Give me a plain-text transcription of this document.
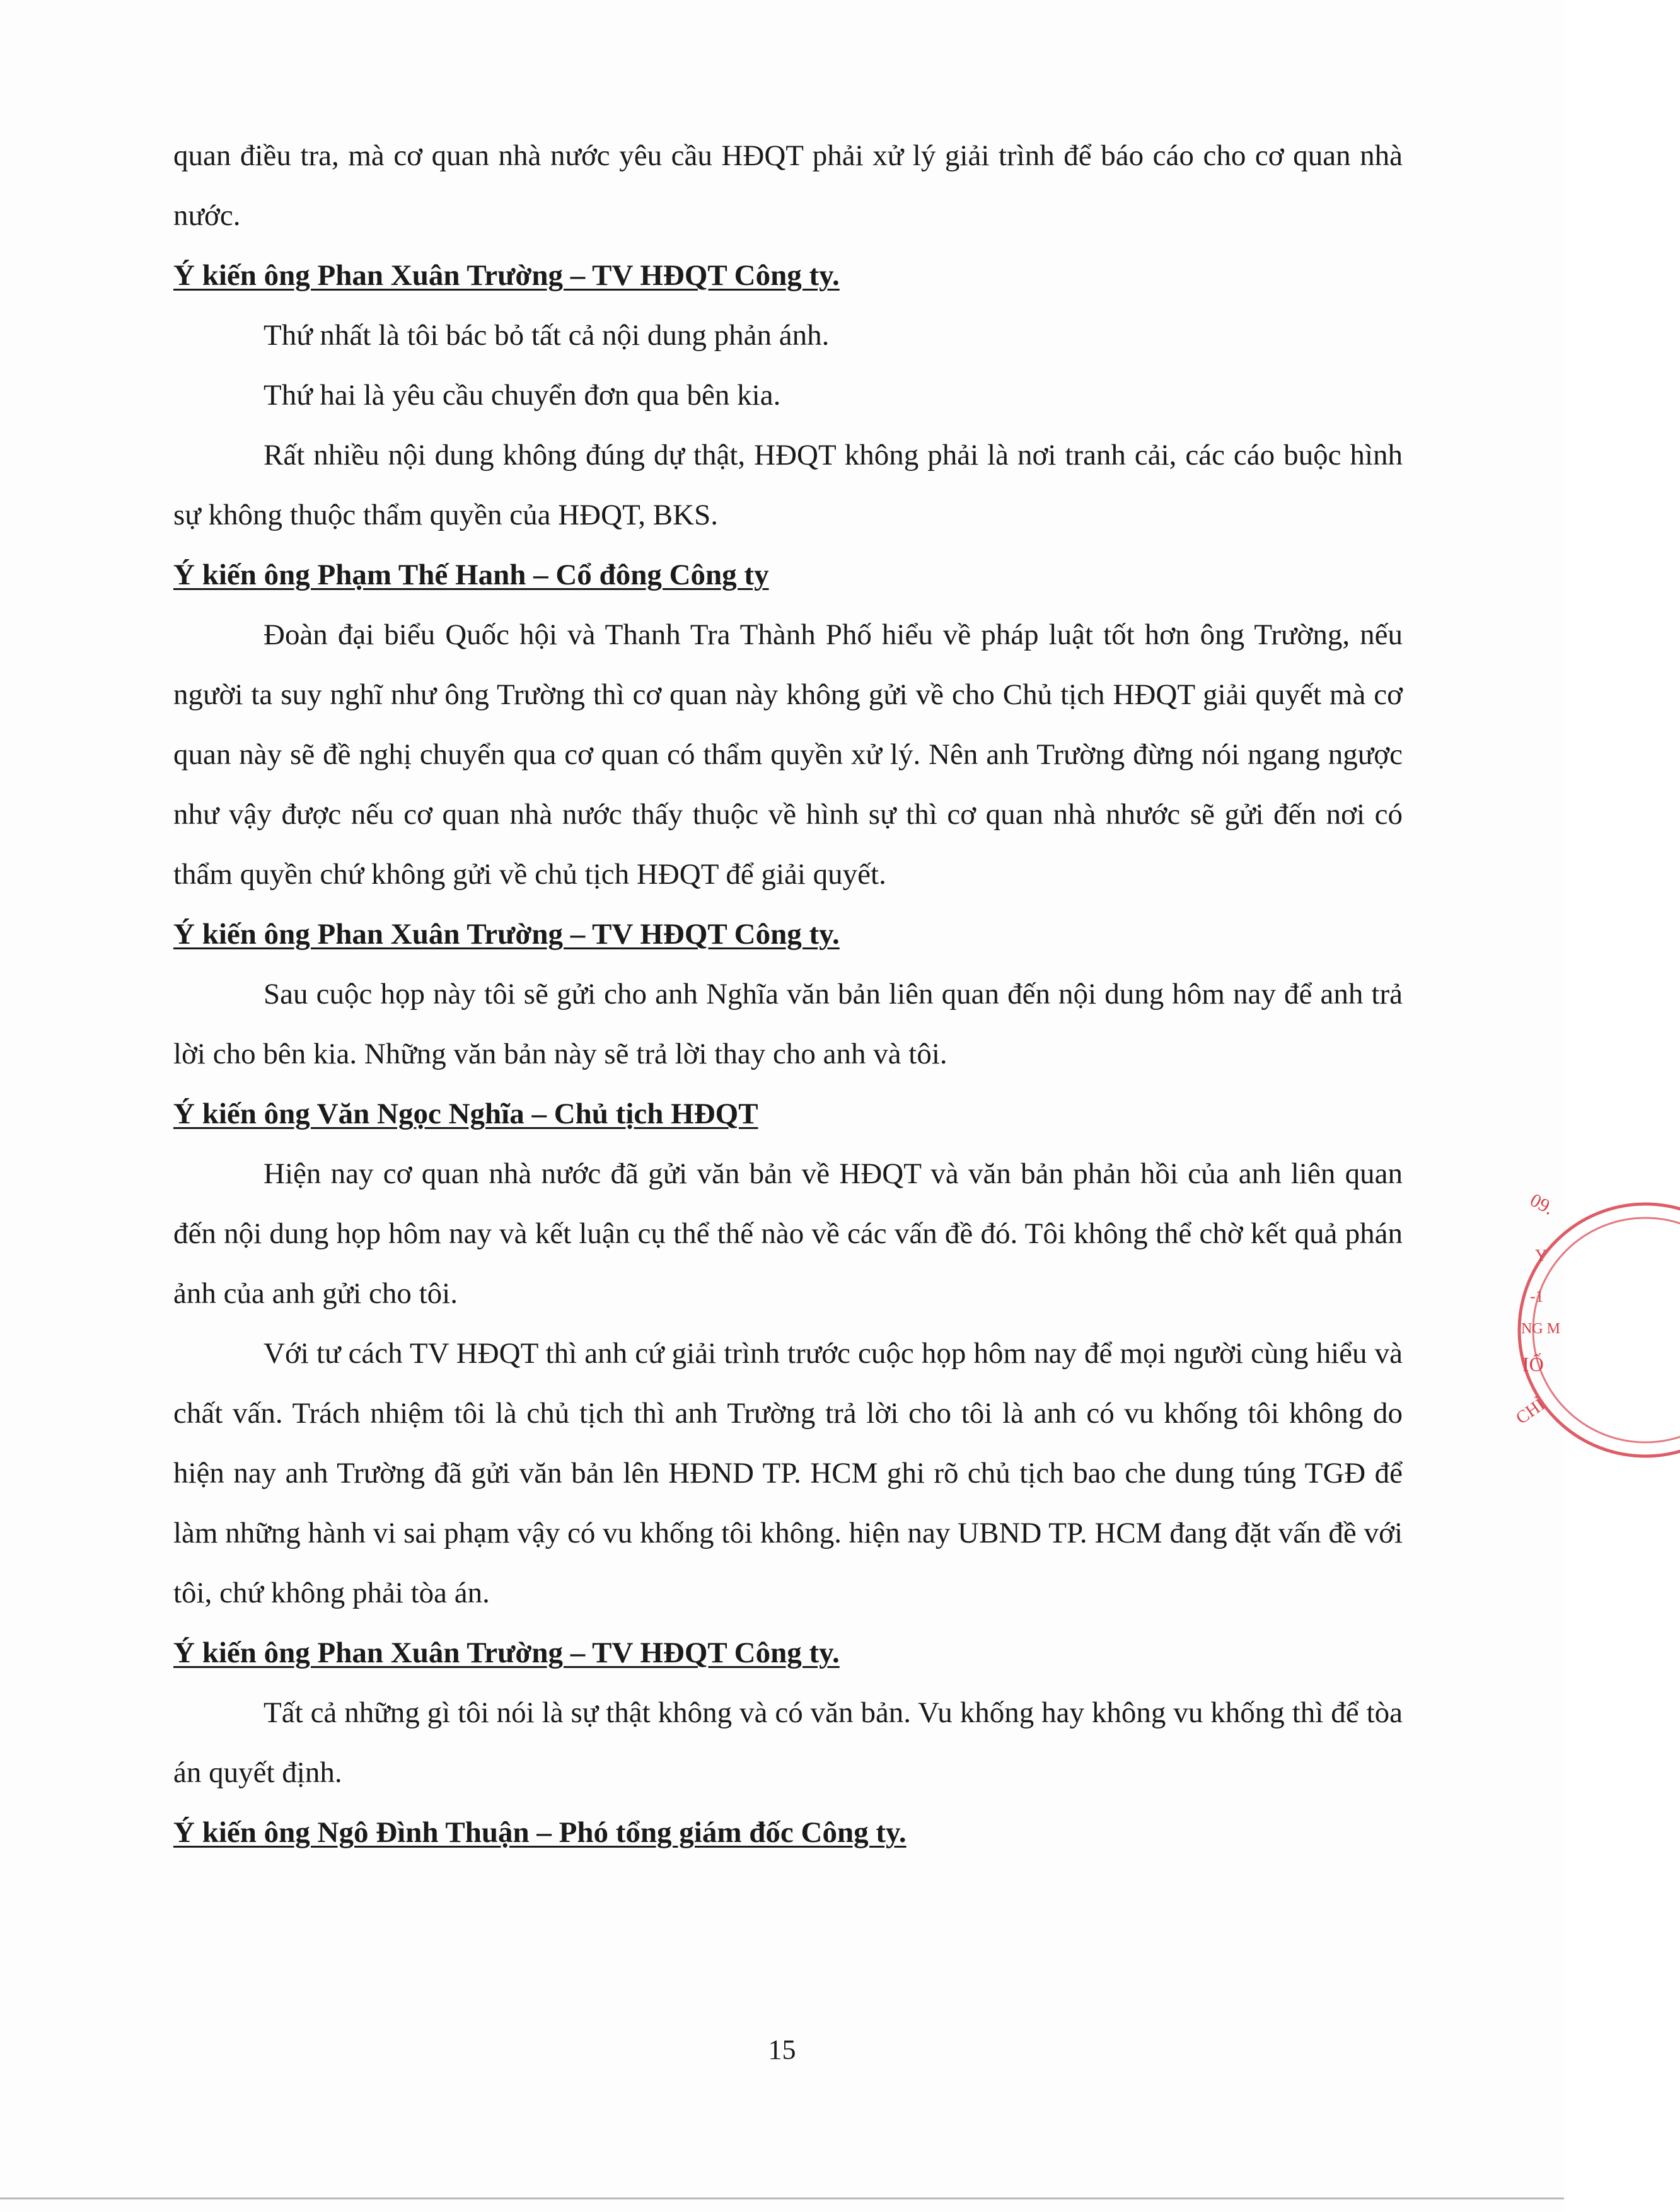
quan điều tra, mà cơ quan nhà nước yêu cầu HĐQT phải xử lý giải trình để báo cáo cho cơ quan nhà nước.

Ý kiến ông Phan Xuân Trường – TV HĐQT Công ty.

Thứ nhất là tôi bác bỏ tất cả nội dung phản ánh.

Thứ hai là yêu cầu chuyển đơn qua bên kia.

Rất nhiều nội dung không đúng dự thật, HĐQT không phải là nơi tranh cải, các cáo buộc hình sự không thuộc thẩm quyền của HĐQT, BKS.

Ý kiến ông Phạm Thế Hanh – Cổ đông Công ty

Đoàn đại biểu Quốc hội và Thanh Tra Thành Phố hiểu về pháp luật tốt hơn ông Trường, nếu người ta suy nghĩ như ông Trường thì cơ quan này không gửi về cho Chủ tịch HĐQT giải quyết mà cơ quan này sẽ đề nghị chuyển qua cơ quan có thẩm quyền xử lý. Nên anh Trường đừng nói ngang ngược như vậy được nếu cơ quan nhà nước thấy thuộc về hình sự thì cơ quan nhà nhước sẽ gửi đến nơi có thẩm quyền chứ không gửi về chủ tịch HĐQT để giải quyết.

Ý kiến ông Phan Xuân Trường – TV HĐQT Công ty.

Sau cuộc họp này tôi sẽ gửi cho anh Nghĩa văn bản liên quan đến nội dung hôm nay để anh trả lời cho bên kia. Những văn bản này sẽ trả lời thay cho anh và tôi.

Ý kiến ông Văn Ngọc Nghĩa – Chủ tịch HĐQT

Hiện nay cơ quan nhà nước đã gửi văn bản về HĐQT và văn bản phản hồi của anh liên quan đến nội dung họp hôm nay và kết luận cụ thể thế nào về các vấn đề đó. Tôi không thể chờ kết quả phán ảnh của anh gửi cho tôi.

Với tư cách TV HĐQT thì anh cứ giải trình trước cuộc họp hôm nay để mọi người cùng hiểu và chất vấn. Trách nhiệm tôi là chủ tịch thì anh Trường trả lời cho tôi là anh có vu khống tôi không do hiện nay anh Trường đã gửi văn bản lên HĐND TP. HCM ghi rõ chủ tịch bao che dung túng TGĐ để làm những hành vi sai phạm vậy có vu khống tôi không. hiện nay UBND TP. HCM đang đặt vấn đề với tôi, chứ không phải tòa án.

Ý kiến ông Phan Xuân Trường – TV HĐQT Công ty.

Tất cả những gì tôi nói là sự thật không và có văn bản. Vu khống hay không vu khống thì để tòa án quyết định.

Ý kiến ông Ngô Đình Thuận – Phó tổng giám đốc Công ty.

09.
Y
-1
NG M
IỐ
CHỈ
15
